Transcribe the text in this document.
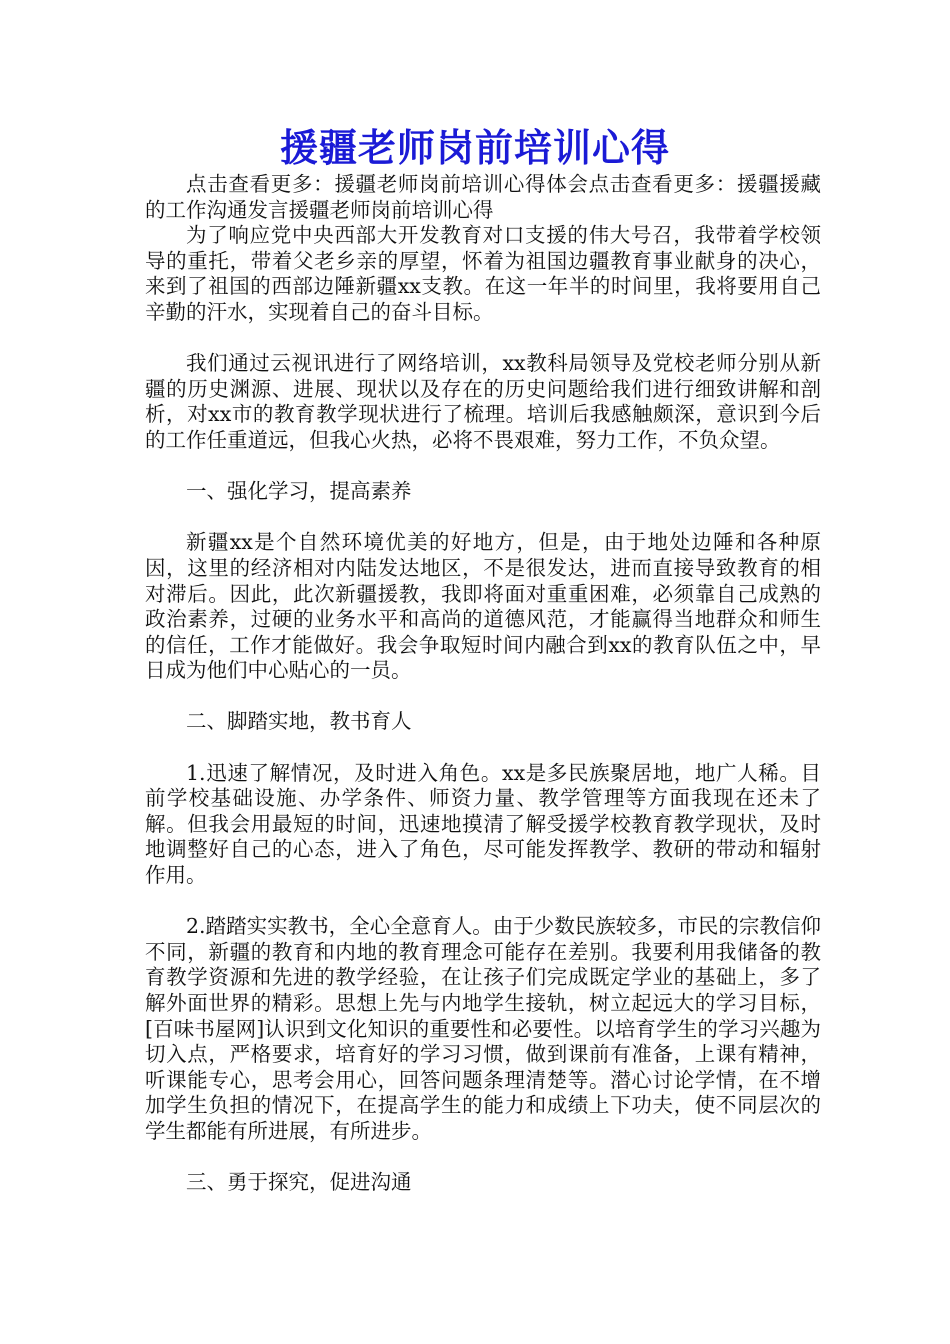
援疆老师岗前培训心得

点击查看更多：援疆老师岗前培训心得体会点击查看更多：援疆援藏的工作沟通发言援疆老师岗前培训心得

为了响应党中央西部大开发教育对口支援的伟大号召，我带着学校领导的重托，带着父老乡亲的厚望，怀着为祖国边疆教育事业献身的决心，来到了祖国的西部边陲新疆xx支教。在这一年半的时间里，我将要用自己辛勤的汗水，实现着自己的奋斗目标。

我们通过云视讯进行了网络培训，xx教科局领导及党校老师分别从新疆的历史渊源、进展、现状以及存在的历史问题给我们进行细致讲解和剖析，对xx市的教育教学现状进行了梳理。培训后我感触颇深，意识到今后的工作任重道远，但我心火热，必将不畏艰难，努力工作，不负众望。

一、强化学习，提高素养

新疆xx是个自然环境优美的好地方，但是，由于地处边陲和各种原因，这里的经济相对内陆发达地区，不是很发达，进而直接导致教育的相对滞后。因此，此次新疆援教，我即将面对重重困难，必须靠自己成熟的政治素养，过硬的业务水平和高尚的道德风范，才能赢得当地群众和师生的信任，工作才能做好。我会争取短时间内融合到xx的教育队伍之中，早日成为他们中心贴心的一员。

二、脚踏实地，教书育人

1.迅速了解情况，及时进入角色。xx是多民族聚居地，地广人稀。目前学校基础设施、办学条件、师资力量、教学管理等方面我现在还未了解。但我会用最短的时间，迅速地摸清了解受援学校教育教学现状，及时地调整好自己的心态，进入了角色，尽可能发挥教学、教研的带动和辐射作用。

2.踏踏实实教书，全心全意育人。由于少数民族较多，市民的宗教信仰不同，新疆的教育和内地的教育理念可能存在差别。我要利用我储备的教育教学资源和先进的教学经验，在让孩子们完成既定学业的基础上，多了解外面世界的精彩。思想上先与内地学生接轨，树立起远大的学习目标，[百味书屋网]认识到文化知识的重要性和必要性。以培育学生的学习兴趣为切入点，严格要求，培育好的学习习惯，做到课前有准备，上课有精神，听课能专心，思考会用心，回答问题条理清楚等。潜心讨论学情，在不增加学生负担的情况下，在提高学生的能力和成绩上下功夫，使不同层次的学生都能有所进展，有所进步。

三、勇于探究，促进沟通
